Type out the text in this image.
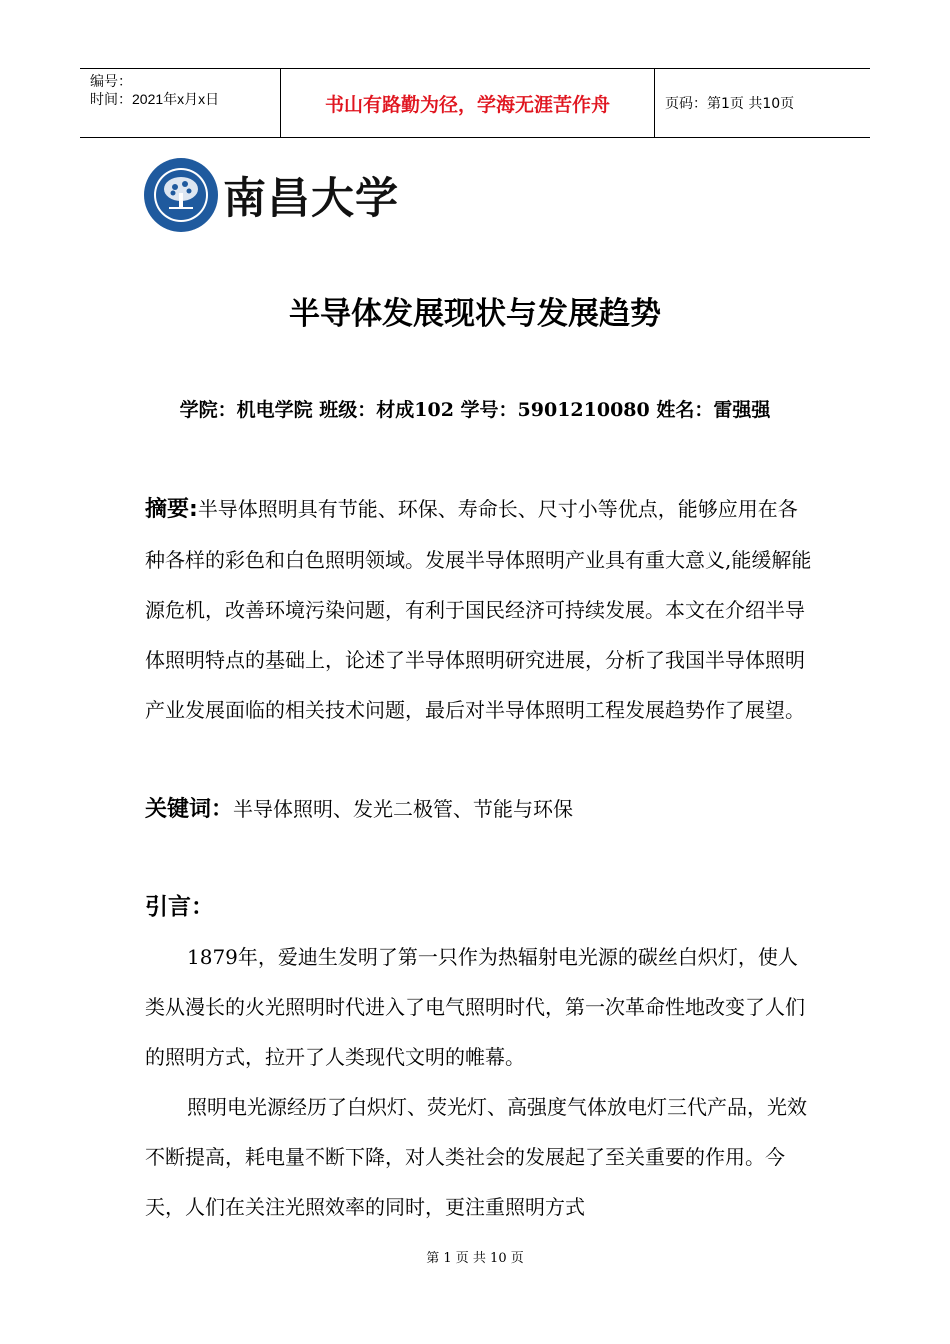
编号：
时间：2021年x月x日	书山有路勤为径，学海无涯苦作舟	页码：第1页 共10页
南昌大学
半导体发展现状与发展趋势
学院：机电学院 班级：材成102 学号：5901210080 姓名：雷强强
摘要:半导体照明具有节能、环保、寿命长、尺寸小等优点，能够应用在各种各样的彩色和白色照明领域。发展半导体照明产业具有重大意义,能缓解能源危机，改善环境污染问题，有利于国民经济可持续发展。本文在介绍半导体照明特点的基础上，论述了半导体照明研究进展，分析了我国半导体照明产业发展面临的相关技术问题，最后对半导体照明工程发展趋势作了展望。
关键词：半导体照明、发光二极管、节能与环保
引言：
1879年，爱迪生发明了第一只作为热辐射电光源的碳丝白炽灯，使人类从漫长的火光照明时代进入了电气照明时代，第一次革命性地改变了人们的照明方式，拉开了人类现代文明的帷幕。
照明电光源经历了白炽灯、荧光灯、高强度气体放电灯三代产品，光效不断提高，耗电量不断下降，对人类社会的发展起了至关重要的作用。今天，人们在关注光照效率的同时，更注重照明方式
第 1 页 共 10 页
